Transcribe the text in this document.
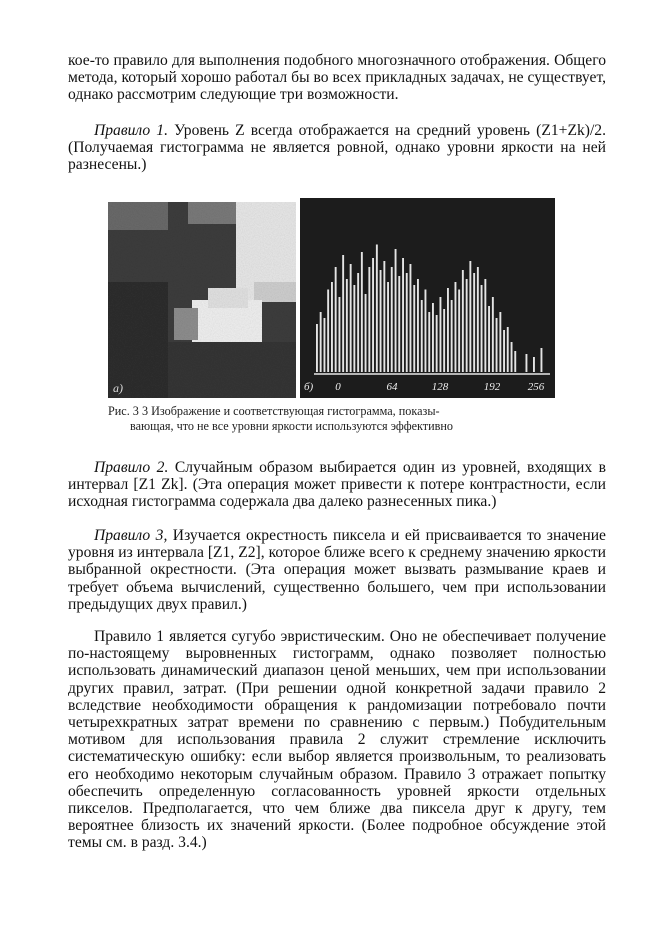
кое-то правило для выполнения подобного многозначного отображения. Общего метода, который хорошо работал бы во всех прикладных задачах, не существует, однако рассмотрим следующие три возможности.

Правило 1. Уровень Z всегда отображается на средний уровень (Z1+Zk)/2. (Получаемая гистограмма не является ровной, однако уровни яркости на ней разнесены.)

а)	б) 0	64	128	192	256
Рис. 3 3 Изображение и соответствующая гистограмма, показы-
вающая, что не все уровни яркости используются эффективно

Правило 2. Случайным образом выбирается один из уровней, входящих в интервал [Z1 Zk]. (Эта операция может привести к потере контрастности, если исходная гистограмма содержала два далеко разнесенных пика.)

Правило 3, Изучается окрестность пиксела и ей присваивается то значение уровня из интервала [Z1, Z2], которое ближе всего к среднему значению яркости выбранной окрестности. (Эта операция может вызвать размывание краев и требует объема вычислений, существенно большего, чем при использовании предыдущих двух правил.)

Правило 1 является сугубо эвристическим. Оно не обеспечивает получение по-настоящему выровненных гистограмм, однако позволяет полностью использовать динамический диапазон ценой меньших, чем при использовании других правил, затрат. (При решении одной конкретной задачи правило 2 вследствие необходимости обращения к рандомизации потребовало почти четырехкратных затрат времени по сравнению с первым.) Побудительным мотивом для использования правила 2 служит стремление исключить систематическую ошибку: если выбор является произвольным, то реализовать его необходимо некоторым случайным образом. Правило 3 отражает попытку обеспечить определенную согласованность уровней яркости отдельных пикселов. Предполагается, что чем ближе два пиксела друг к другу, тем вероятнее близость их значений яркости. (Более подробное обсуждение этой темы см. в разд. 3.4.)
